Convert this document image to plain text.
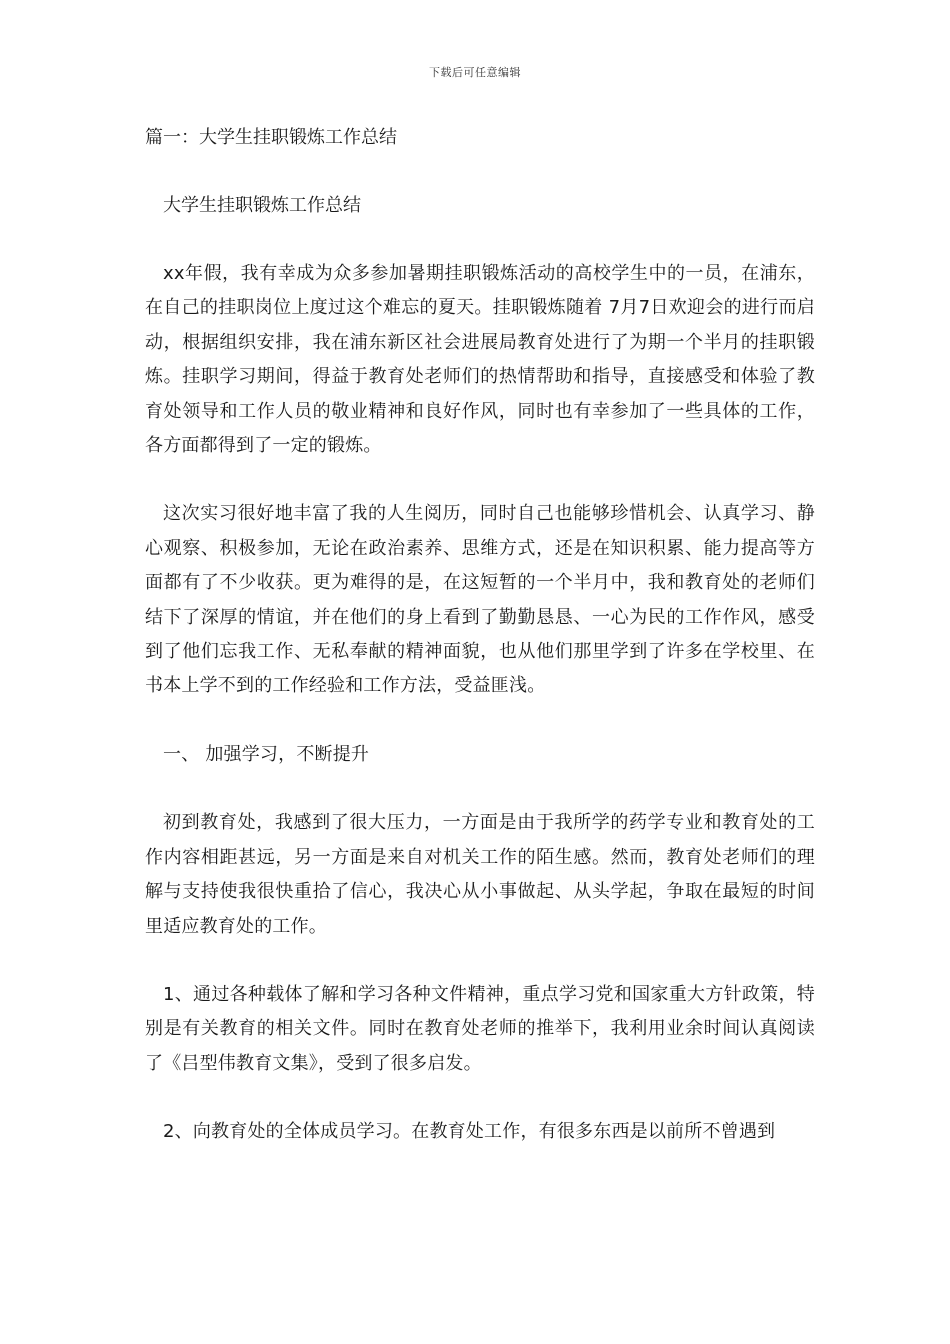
下载后可任意编辑
篇一：大学生挂职锻炼工作总结
大学生挂职锻炼工作总结

xx年假，我有幸成为众多参加暑期挂职锻炼活动的高校学生中的一员，在浦东，在自己的挂职岗位上度过这个难忘的夏天。挂职锻炼随着 7月7日欢迎会的进行而启动，根据组织安排，我在浦东新区社会进展局教育处进行了为期一个半月的挂职锻炼。挂职学习期间，得益于教育处老师们的热情帮助和指导，直接感受和体验了教育处领导和工作人员的敬业精神和良好作风，同时也有幸参加了一些具体的工作，各方面都得到了一定的锻炼。

这次实习很好地丰富了我的人生阅历，同时自己也能够珍惜机会、认真学习、静心观察、积极参加，无论在政治素养、思维方式，还是在知识积累、能力提高等方面都有了不少收获。更为难得的是，在这短暂的一个半月中，我和教育处的老师们结下了深厚的情谊，并在他们的身上看到了勤勤恳恳、一心为民的工作作风，感受到了他们忘我工作、无私奉献的精神面貌，也从他们那里学到了许多在学校里、在书本上学不到的工作经验和工作方法，受益匪浅。

一、 加强学习，不断提升

初到教育处，我感到了很大压力，一方面是由于我所学的药学专业和教育处的工作内容相距甚远，另一方面是来自对机关工作的陌生感。然而，教育处老师们的理解与支持使我很快重拾了信心，我决心从小事做起、从头学起，争取在最短的时间里适应教育处的工作。

1、通过各种载体了解和学习各种文件精神，重点学习党和国家重大方针政策，特别是有关教育的相关文件。同时在教育处老师的推举下，我利用业余时间认真阅读了《吕型伟教育文集》，受到了很多启发。

2、向教育处的全体成员学习。在教育处工作，有很多东西是以前所不曾遇到
